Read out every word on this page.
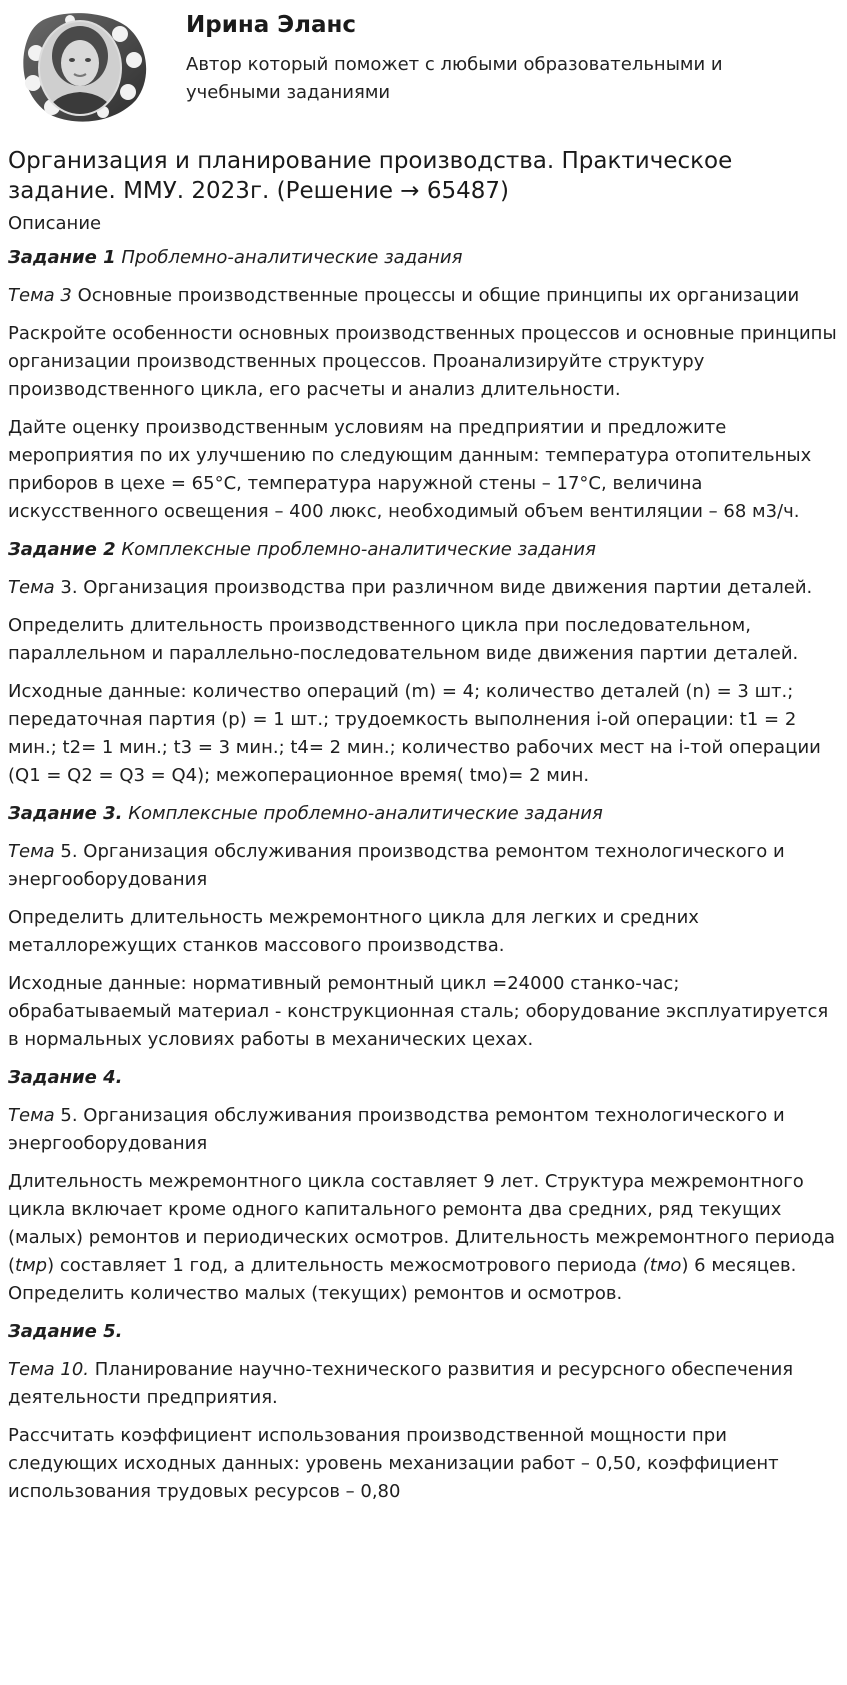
Ирина Эланс
Автор который поможет с любыми образовательными и учебными заданиями
Организация и планирование производства. Практическое задание. ММУ. 2023г. (Решение → 65487)
Описание

Задание 1 Проблемно-аналитические задания

Тема 3 Основные производственные процессы и общие принципы их организации

Раскройте особенности основных производственных процессов и основные принципы организации производственных процессов. Проанализируйте структуру производственного цикла, его расчеты и анализ длительности.

Дайте оценку производственным условиям на предприятии и предложите мероприятия по их улучшению по следующим данным: температура отопительных приборов в цехе = 65°С, температура наружной стены – 17°С, величина искусственного освещения – 400 люкс, необходимый объем вентиляции – 68 м3/ч.

Задание 2 Комплексные проблемно-аналитические задания

Тема 3. Организация производства при различном виде движения партии деталей.

Определить длительность производственного цикла при последовательном, параллельном и параллельно-последовательном виде движения партии деталей.

Исходные данные: количество операций (m) = 4; количество деталей (n) = 3 шт.; передаточная партия (р) = 1 шт.; трудоемкость выполнения i-ой операции: t1 = 2 мин.; t2= 1 мин.; t3 = 3 мин.; t4= 2 мин.; количество рабочих мест на i-той операции (Q1 = Q2 = Q3 = Q4); межоперационное время( tмо)= 2 мин.

Задание 3. Комплексные проблемно-аналитические задания

Тема 5. Организация обслуживания производства ремонтом технологического и энергооборудования

Определить длительность межремонтного цикла для легких и средних металлорежущих станков массового производства.

Исходные данные: нормативный ремонтный цикл =24000 станко-час; обрабатываемый материал - конструкционная сталь; оборудование эксплуатируется в нормальных условиях работы в механических цехах.

Задание 4.

Тема 5. Организация обслуживания производства ремонтом технологического и энергооборудования

Длительность межремонтного цикла составляет 9 лет. Структура межремонтного цикла включает кроме одного капитального ремонта два средних, ряд текущих (малых) ремонтов и периодических осмотров. Длительность межремонтного периода (tмр) составляет 1 год, а длительность межосмотрового периода (tмо) 6 месяцев. Определить количество малых (текущих) ремонтов и осмотров.

Задание 5.

Тема 10. Планирование научно-технического развития и ресурсного обеспечения деятельности предприятия.

Рассчитать коэффициент использования производственной мощности при следующих исходных данных: уровень механизации работ – 0,50, коэффициент использования трудовых ресурсов – 0,80
